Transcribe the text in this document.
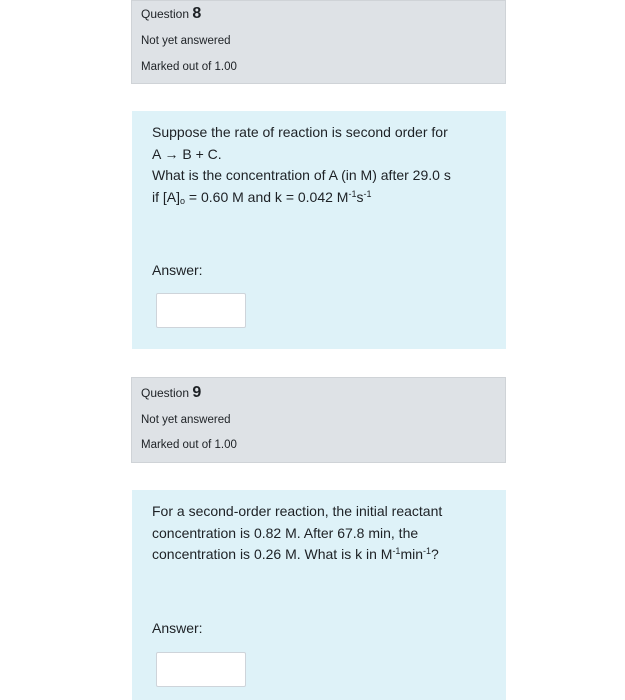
Question 8
Not yet answered
Marked out of 1.00
Suppose the rate of reaction is second order for
A → B + C.
What is the concentration of A (in M) after 29.0 s
if $[A]_o = 0.60$ M and k = 0.042 $M^{-1}s^{-1}$
Answer:
Question 9
Not yet answered
Marked out of 1.00
For a second-order reaction, the initial reactant
concentration is 0.82 M. After 67.8 min, the
concentration is 0.26 M. What is k in $M^{-1}\min^{-1}$?
Answer:
